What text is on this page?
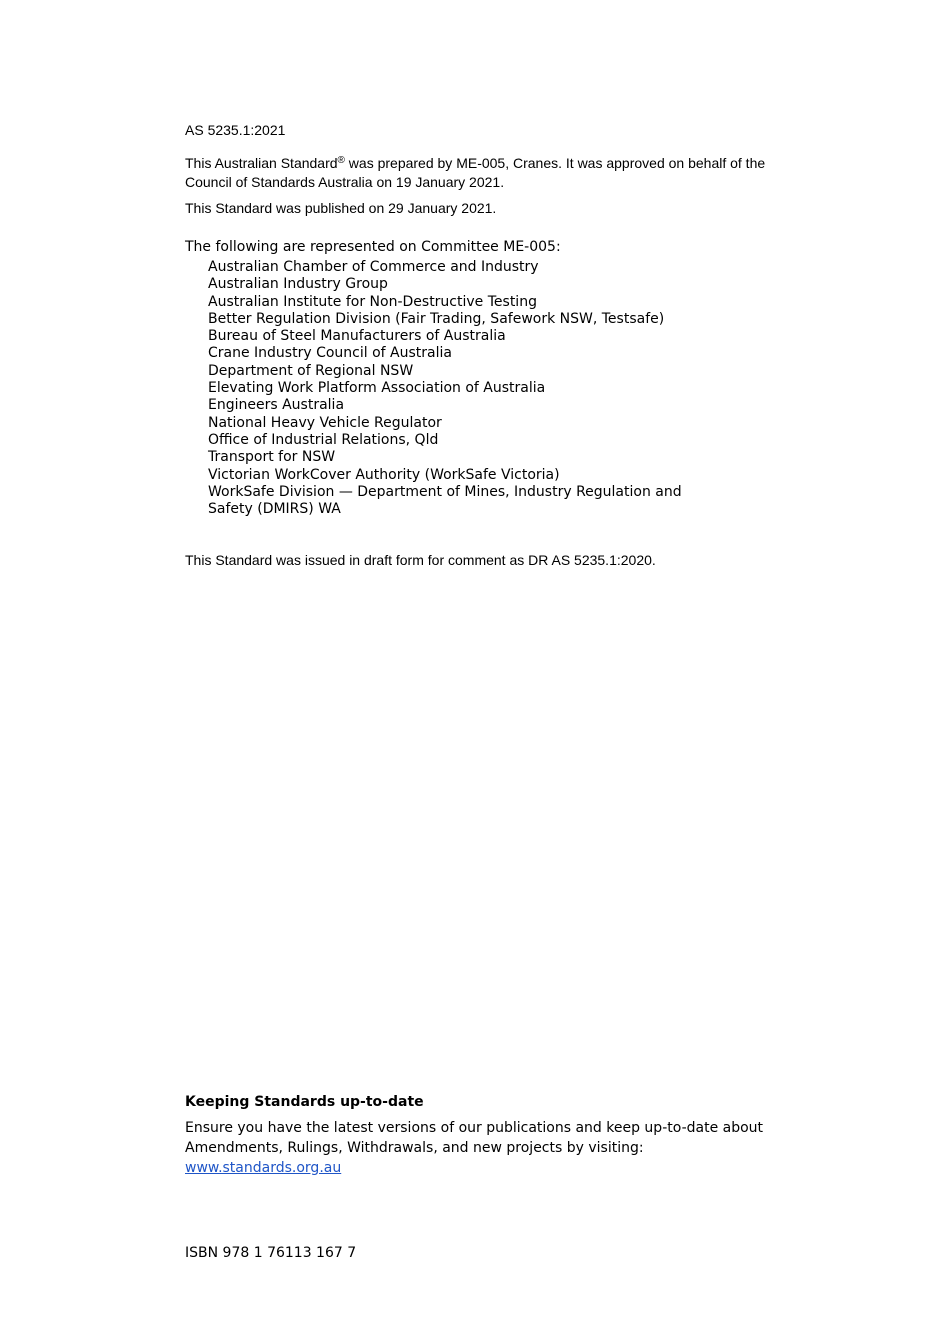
AS 5235.1:2021
This Australian Standard® was prepared by ME-005, Cranes. It was approved on behalf of the Council of Standards Australia on 19 January 2021.
This Standard was published on 29 January 2021.
The following are represented on Committee ME-005:
Australian Chamber of Commerce and Industry
Australian Industry Group
Australian Institute for Non-Destructive Testing
Better Regulation Division (Fair Trading, Safework NSW, Testsafe)
Bureau of Steel Manufacturers of Australia
Crane Industry Council of Australia
Department of Regional NSW
Elevating Work Platform Association of Australia
Engineers Australia
National Heavy Vehicle Regulator
Office of Industrial Relations, Qld
Transport for NSW
Victorian WorkCover Authority (WorkSafe Victoria)
WorkSafe Division — Department of Mines, Industry Regulation and Safety (DMIRS) WA
This Standard was issued in draft form for comment as DR AS 5235.1:2020.
Keeping Standards up-to-date
Ensure you have the latest versions of our publications and keep up-to-date about Amendments, Rulings, Withdrawals, and new projects by visiting:
www.standards.org.au
ISBN 978 1 76113 167 7
